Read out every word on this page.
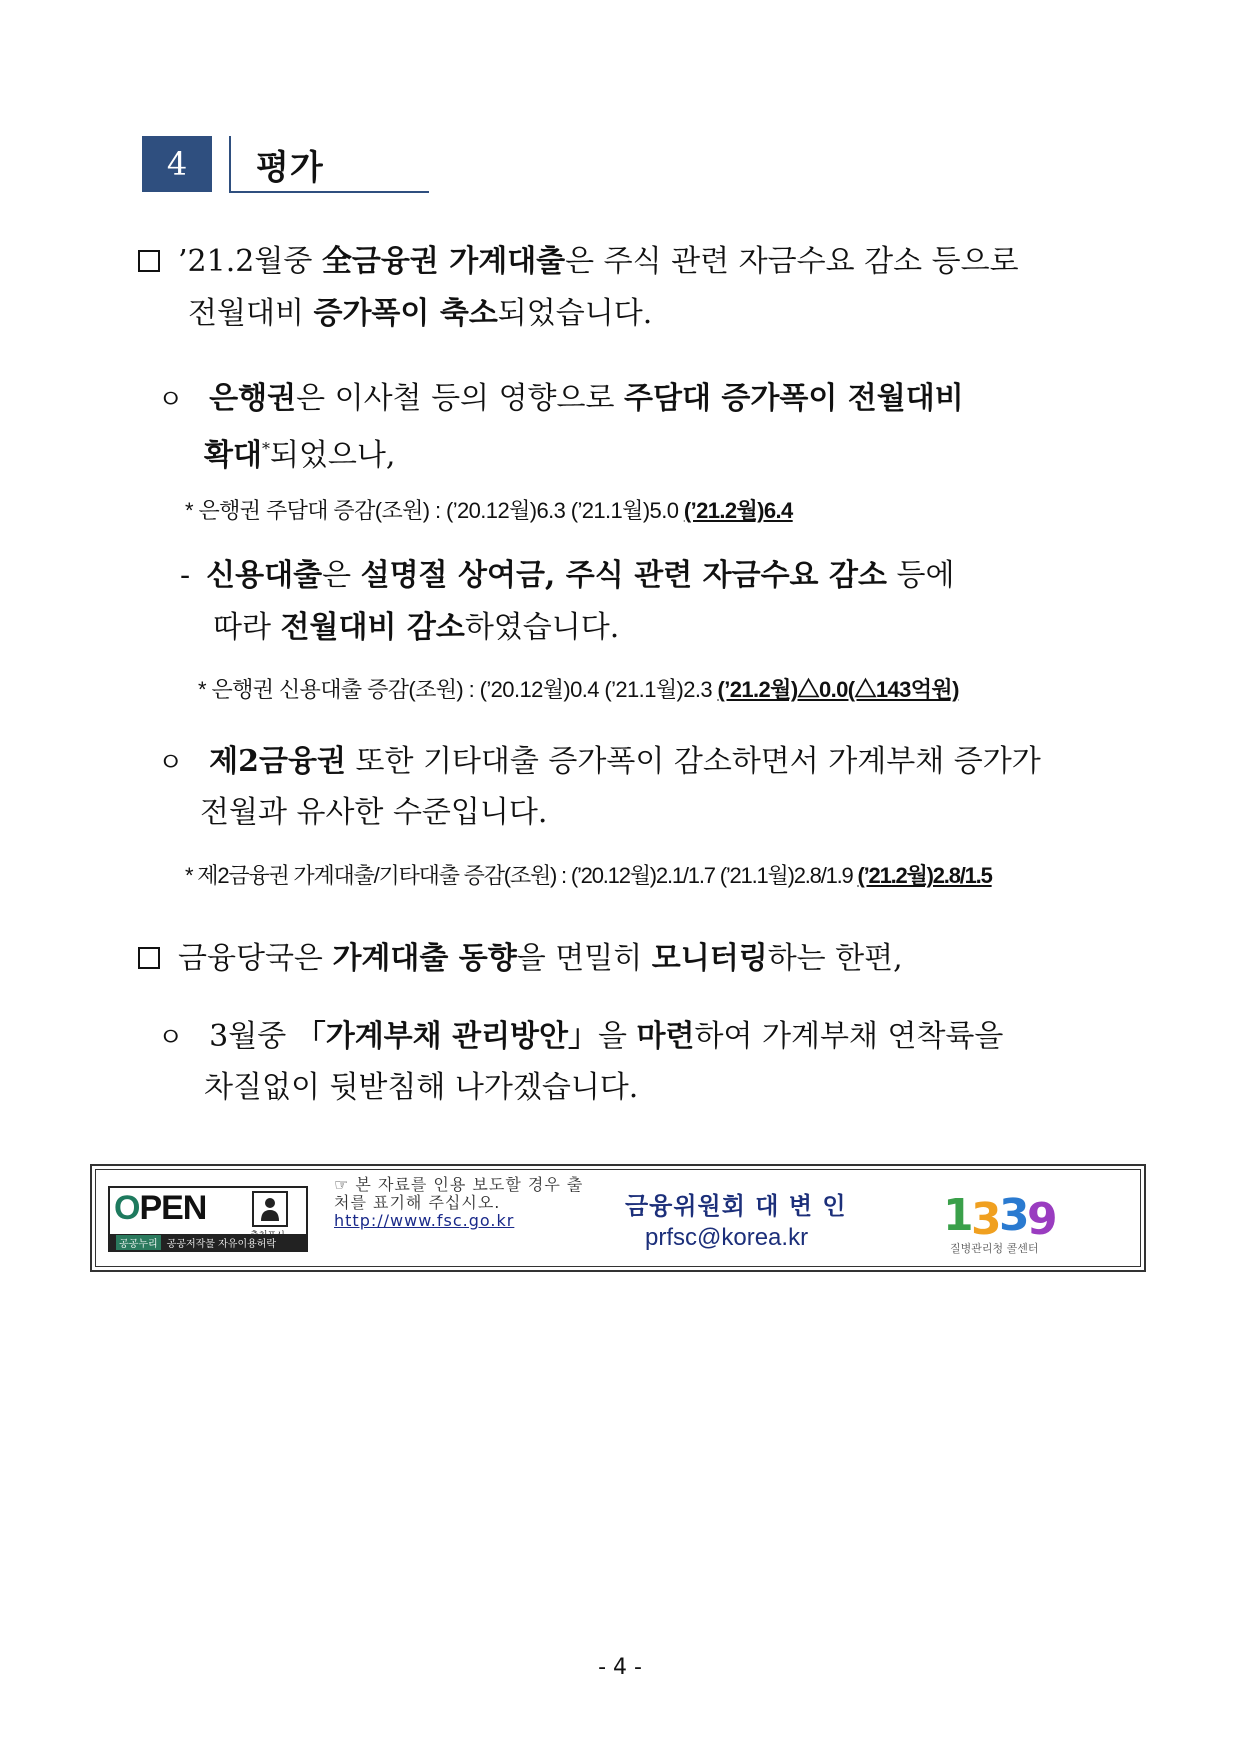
4	평가
’21.2월중 全금융권 가계대출은 주식 관련 자금수요 감소 등으로
전월대비 증가폭이 축소되었습니다.
ㅇ 은행권은 이사철 등의 영향으로 주담대 증가폭이 전월대비
확대*되었으나,
* 은행권 주담대 증감(조원) : (’20.12월)6.3 (’21.1월)5.0 (’21.2월)6.4
- 신용대출은 설명절 상여금, 주식 관련 자금수요 감소 등에
따라 전월대비 감소하였습니다.
* 은행권 신용대출 증감(조원) : (’20.12월)0.4 (’21.1월)2.3 (’21.2월)△0.0(△143억원)
ㅇ 제2금융권 또한 기타대출 증가폭이 감소하면서 가계부채 증가가
전월과 유사한 수준입니다.
* 제2금융권 가계대출/기타대출 증감(조원) : (’20.12월)2.1/1.7 (’21.1월)2.8/1.9 (’21.2월)2.8/1.5
금융당국은 가계대출 동향을 면밀히 모니터링하는 한편,
ㅇ 3월중 「가계부채 관리방안」을 마련하여 가계부채 연착륙을
차질없이 뒷받침해 나가겠습니다.
OPEN
공공누리 공공저작물 자유이용허락
☞ 본 자료를 인용 보도할 경우 출처를 표기해 주십시오.
http://www.fsc.go.kr
금융위원회 대 변 인
prfsc@korea.kr	1
3
3
9
질병관리청 콜센터
- 4 -
